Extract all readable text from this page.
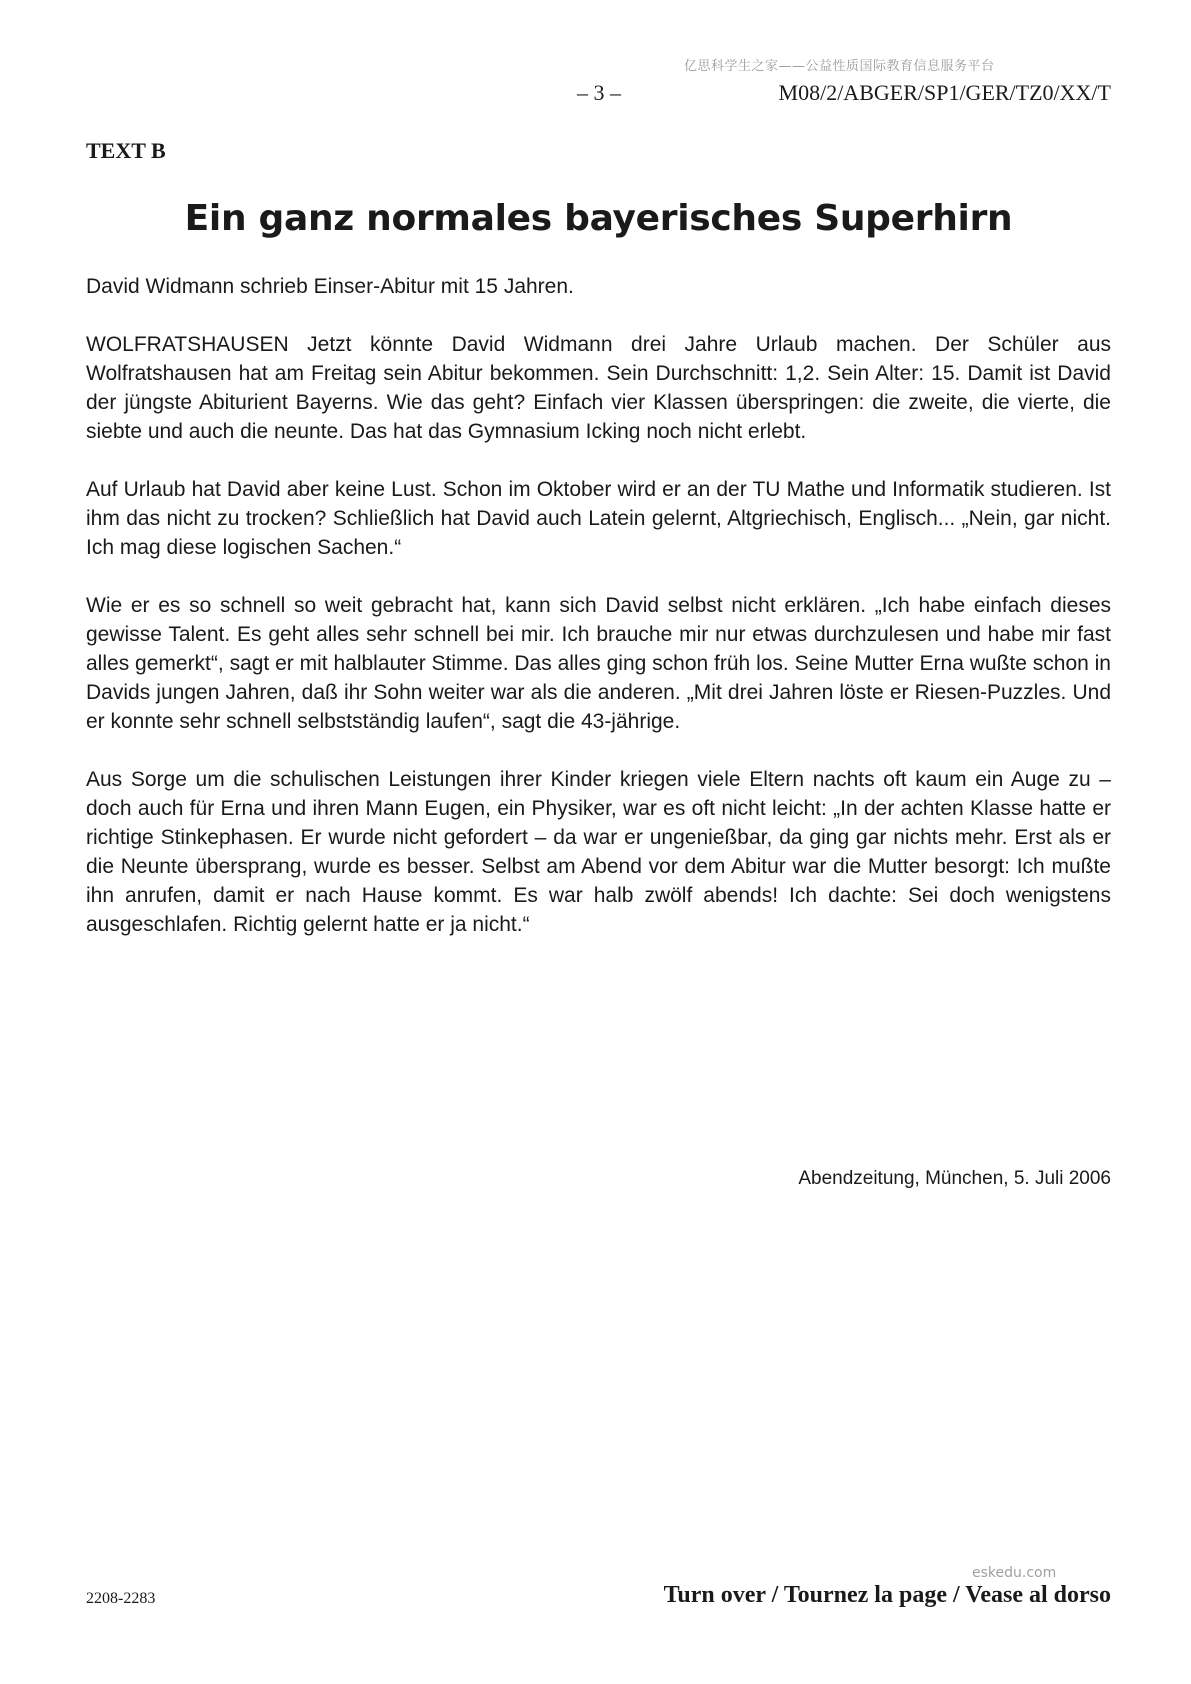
亿思科学生之家——公益性质国际教育信息服务平台
– 3 –	M08/2/ABGER/SP1/GER/TZ0/XX/T
TEXT B
Ein ganz normales bayerisches Superhirn

David Widmann schrieb Einser-Abitur mit 15 Jahren.

WOLFRATSHAUSEN Jetzt könnte David Widmann drei Jahre Urlaub machen. Der Schüler aus Wolfratshausen hat am Freitag sein Abitur bekommen. Sein Durchschnitt: 1,2. Sein Alter: 15. Damit ist David der jüngste Abiturient Bayerns. Wie das geht? Einfach vier Klassen überspringen: die zweite, die vierte, die siebte und auch die neunte. Das hat das Gymnasium Icking noch nicht erlebt.

Auf Urlaub hat David aber keine Lust. Schon im Oktober wird er an der TU Mathe und Informatik studieren. Ist ihm das nicht zu trocken? Schließlich hat David auch Latein gelernt, Altgriechisch, Englisch... „Nein, gar nicht. Ich mag diese logischen Sachen.“

Wie er es so schnell so weit gebracht hat, kann sich David selbst nicht erklären. „Ich habe einfach dieses gewisse Talent. Es geht alles sehr schnell bei mir. Ich brauche mir nur etwas durchzulesen und habe mir fast alles gemerkt“, sagt er mit halblauter Stimme. Das alles ging schon früh los. Seine Mutter Erna wußte schon in Davids jungen Jahren, daß ihr Sohn weiter war als die anderen. „Mit drei Jahren löste er Riesen-Puzzles. Und er konnte sehr schnell selbstständig laufen“, sagt die 43-jährige.

Aus Sorge um die schulischen Leistungen ihrer Kinder kriegen viele Eltern nachts oft kaum ein Auge zu – doch auch für Erna und ihren Mann Eugen, ein Physiker, war es oft nicht leicht: „In der achten Klasse hatte er richtige Stinkephasen. Er wurde nicht gefordert – da war er ungenießbar, da ging gar nichts mehr. Erst als er die Neunte übersprang, wurde es besser. Selbst am Abend vor dem Abitur war die Mutter besorgt: Ich mußte ihn anrufen, damit er nach Hause kommt. Es war halb zwölf abends! Ich dachte: Sei doch wenigstens ausgeschlafen. Richtig gelernt hatte er ja nicht.“

Abendzeitung, München, 5. Juli 2006
2208-2283
eskedu.com
Turn over / Tournez la page / Vease al dorso
